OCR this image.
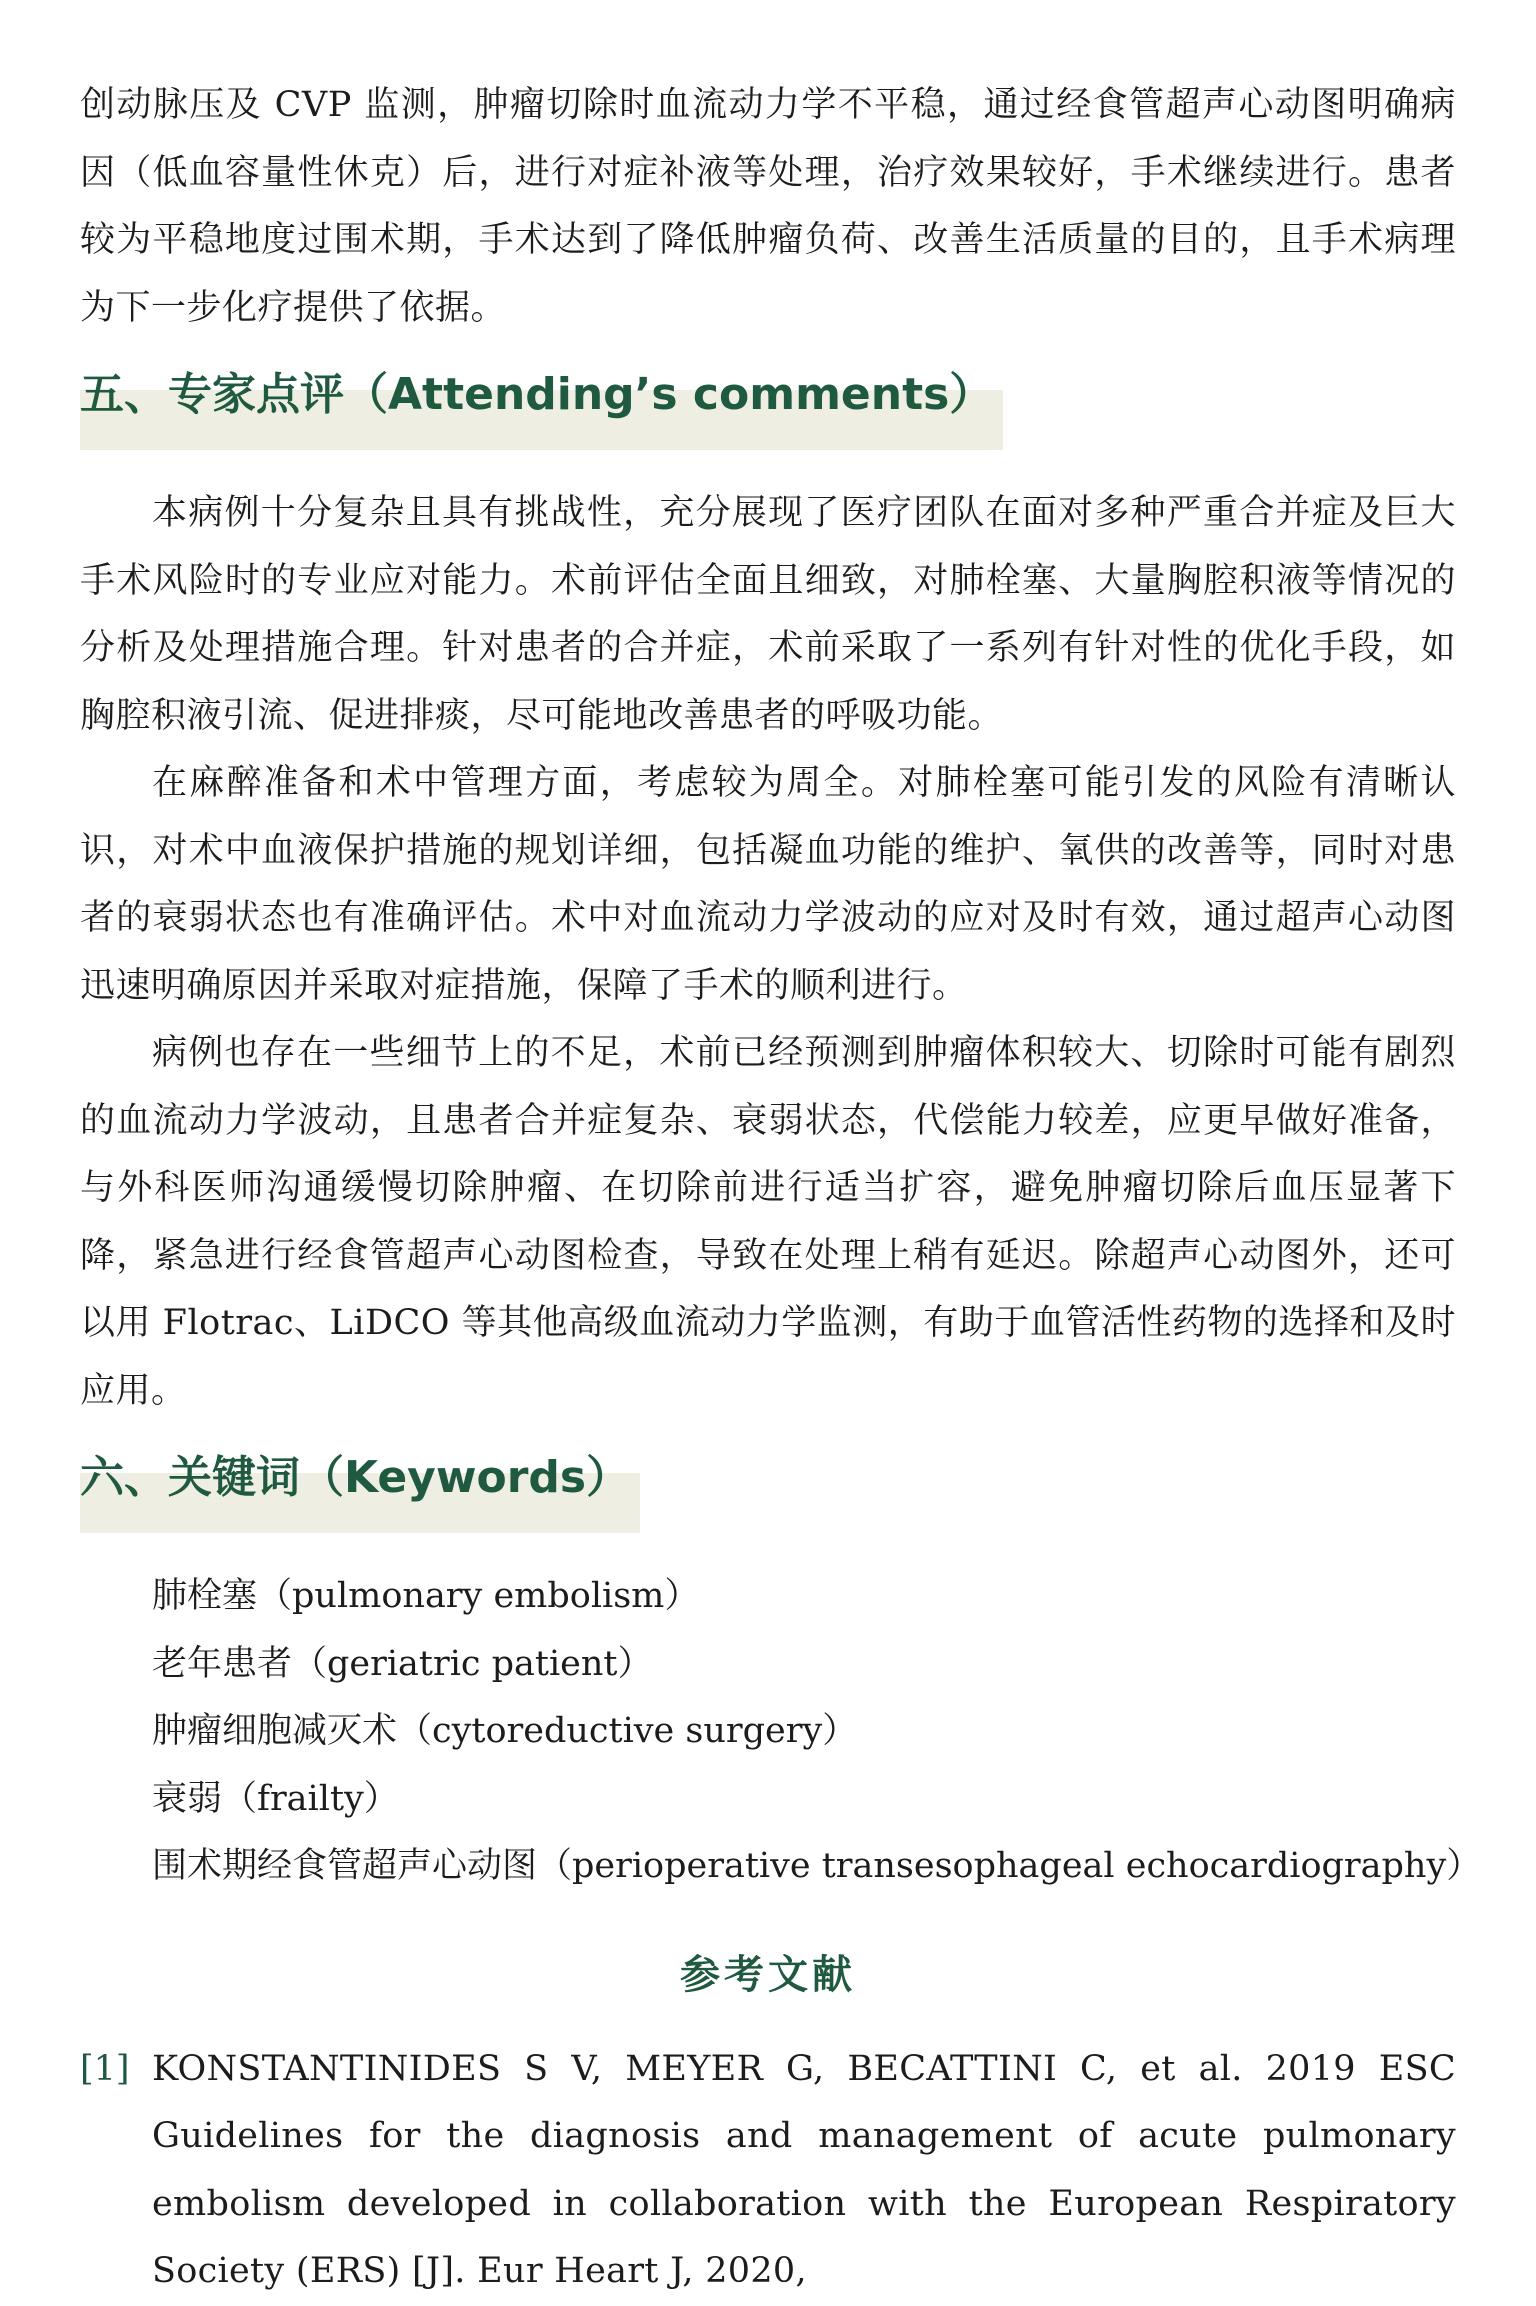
创动脉压及 CVP 监测，肿瘤切除时血流动力学不平稳，通过经食管超声心动图明确病因（低血容量性休克）后，进行对症补液等处理，治疗效果较好，手术继续进行。患者较为平稳地度过围术期，手术达到了降低肿瘤负荷、改善生活质量的目的，且手术病理为下一步化疗提供了依据。

五、专家点评（Attending’s comments）

本病例十分复杂且具有挑战性，充分展现了医疗团队在面对多种严重合并症及巨大手术风险时的专业应对能力。术前评估全面且细致，对肺栓塞、大量胸腔积液等情况的分析及处理措施合理。针对患者的合并症，术前采取了一系列有针对性的优化手段，如胸腔积液引流、促进排痰，尽可能地改善患者的呼吸功能。

在麻醉准备和术中管理方面，考虑较为周全。对肺栓塞可能引发的风险有清晰认识，对术中血液保护措施的规划详细，包括凝血功能的维护、氧供的改善等，同时对患者的衰弱状态也有准确评估。术中对血流动力学波动的应对及时有效，通过超声心动图迅速明确原因并采取对症措施，保障了手术的顺利进行。

病例也存在一些细节上的不足，术前已经预测到肿瘤体积较大、切除时可能有剧烈的血流动力学波动，且患者合并症复杂、衰弱状态，代偿能力较差，应更早做好准备，与外科医师沟通缓慢切除肿瘤、在切除前进行适当扩容，避免肿瘤切除后血压显著下降，紧急进行经食管超声心动图检查，导致在处理上稍有延迟。除超声心动图外，还可以用 Flotrac、LiDCO 等其他高级血流动力学监测，有助于血管活性药物的选择和及时应用。

六、关键词（Keywords）
肺栓塞（pulmonary embolism）
老年患者（geriatric patient）
肿瘤细胞减灭术（cytoreductive surgery）
衰弱（frailty）
围术期经食管超声心动图（perioperative transesophageal echocardiography）
参考文献
[1] KONSTANTINIDES S V, MEYER G, BECATTINI C, et al. 2019 ESC Guidelines for the diagnosis and management of acute pulmonary embolism developed in collaboration with the European Respiratory Society (ERS) [J]. Eur Heart J, 2020,
